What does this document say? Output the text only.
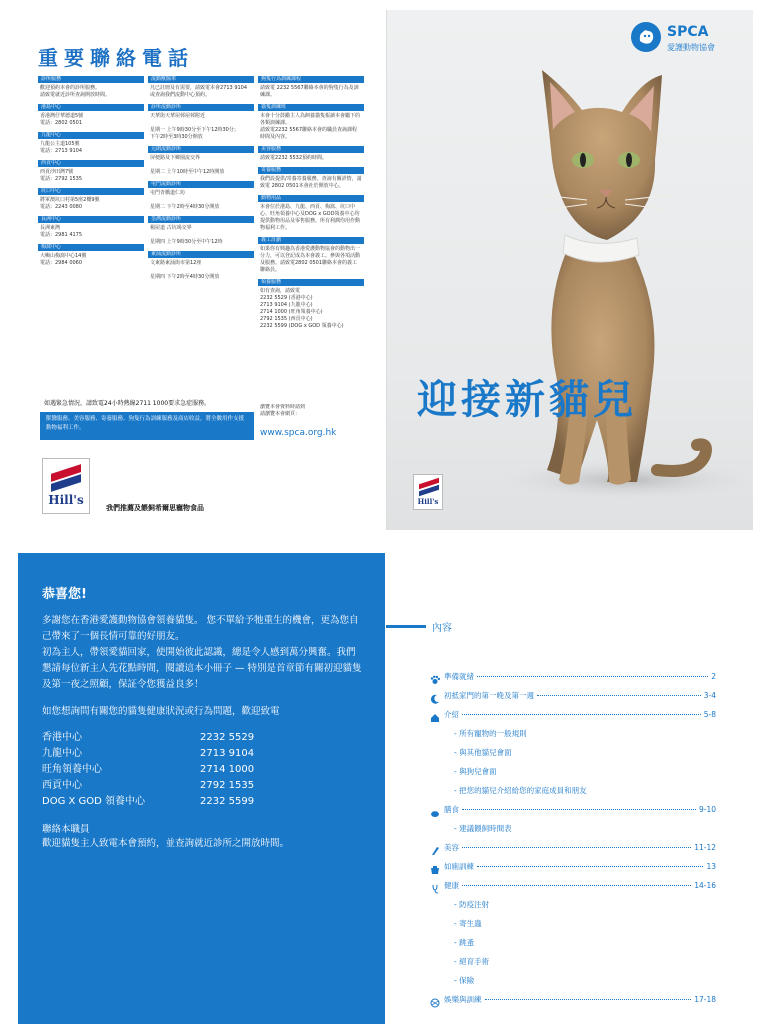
重要聯絡電話
診所服務
歡迎預約本會的診所服務。
請致電就近診所查詢開放時間。
港島中心
香港灣仔華德道5號
電話：2802 0501
九龍中心
九龍公主道105號
電話：2713 9104
西貢中心
西貢沙田灣7號
電話：2792 1535
坑口中心
將軍澳坑口村第5座2樓9號
電話：2243 0080
長洲中心
長洲東灣
電話：2981 4175
梅窩中心
大嶼山梅窩中心14號
電話：2984 0060
流動獸醫車
凡已註冊及有需要，請致電本會2713 9104 或查詢我們流動中心預約。
診所流動診所
天華街天華屋邨屋邨附近
星期一 上午9時30分至下午12時30分；
下午2時至3時30分開放
元朗流動診所
屏便路及下鄉園流交界
星期二 上午10時至中午12時開放
屯門流動診所
屯門青橋道仁坊
星期二 下午2時至4時30分開放
荃灣流動診所
楊屋道 古坑竭交界
星期四 上午9時30分至中午12時
東涌流動診所
文東路東涌街市第12座
星期四 下午2時至4時30分開放
狗隻行為訓練課程
請致電 2232 5567聯絡本會的狗隻行為及訓練課。
貓隻訓練班
本會十分鼓勵主人為飼養貓隻報讀本會屬下的各類訓練課。
請致電2232 5567聯絡本會的職員查詢課程時間及內容。
美容服務
請致電2232 5532預約時間。
寄養服務
我們設提供/寄養寄養服務。查詢有關詳情，請致電 2802 0501本會社於開放中心。
動物用品
本會位於港島、九龍、西貢、梅窩、坑口中心、旺角領養中心及DOG x GOD領養中心均提供動物用品及零售服務。所有利潤均用作動物福利工作。
義工計劃
如果你有興趣為香港愛護動物協會的動物出一分力，可以登記成為本會義工。參與各項活動及服務。請致電2802 0501聯絡本會的義工聯絡員。
領養服務
如有查詢，請致電
2232 5529 (香港中心)
2713 9104 (九龍中心)
2714 1000 (旺角領養中心)
2792 1535 (西貢中心)
2232 5599 (DOG x GOD 領養中心)
如遇緊急情況，請致電24小時熱線2711 1000要求急症服務。
獸醫服務、美容服務、寄養服務、狗隻行為訓練服務及商店收益，將全數用作支援動物福利工作。
瀏覽本會資料時請到
請瀏覽本會網頁：
www.spca.org.hk
Hill's
我們推薦及餵飼希爾思寵物食品
SPCA
愛護動物協會
迎接新貓兒
Hill's
恭喜您!
多謝您在香港愛護動物協會領養貓隻。 您不單給予牠重生的機會，更為您自己帶來了一個長情可靠的好朋友。
初為主人，帶領愛貓回家，使開始彼此認識，總是令人感到萬分興奮。我們懇請每位新主人先花點時間，閱讀這本小冊子 — 特別是首章節有關初迎貓隻及第一夜之照顧，保証令您獲益良多！
如您想詢問有關您的貓隻健康狀況或行為問題，歡迎致電
香港中心	2232 5529
九龍中心	2713 9104
旺角領養中心	2714 1000
西貢中心	2792 1535
DOG X GOD 領養中心	2232 5599
聯絡本職員
歡迎貓隻主人致電本會預約，並查詢就近診所之開放時間。
內容
準備就緒	2
初抵家門的第一晚及第一週	3-4
介紹	5-8
- 所有寵物的一般規則
- 與其他貓兒會面
- 與狗兒會面
- 把您的貓兒介紹給您的家庭成員和朋友
膳食	9-10
- 建議餵飼時間表
美容	11-12
如廁訓練	13
健康	14-16
- 防疫注射
- 寄生蟲
- 跳蚤
- 絕育手術
- 保險
娛樂與訓練	17-18
